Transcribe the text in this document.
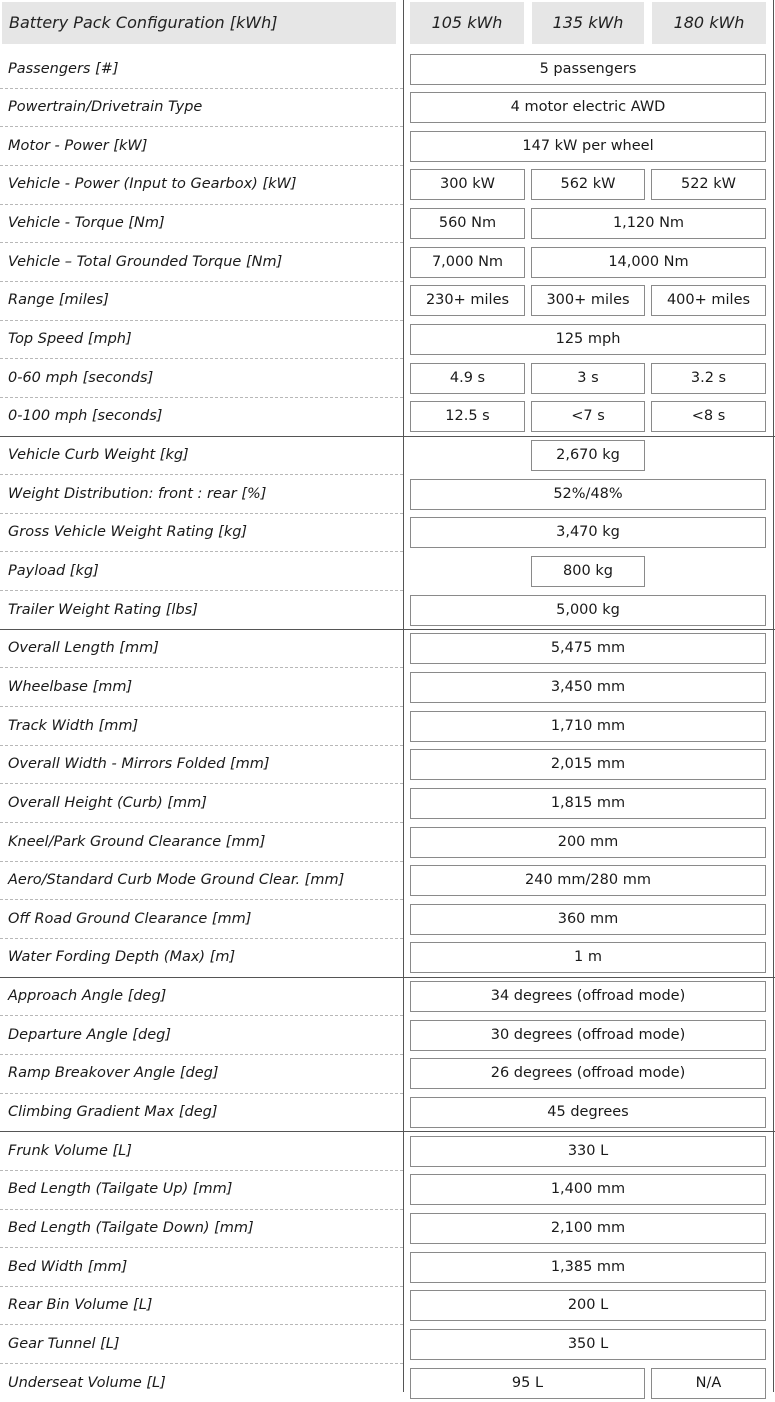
Battery Pack Configuration [kWh]	105 kWh	135 kWh	180 kWh
Passengers [#]	5 passengers
Powertrain/Drivetrain Type	4 motor electric AWD
Motor - Power [kW]	147 kW per wheel
Vehicle - Power (Input to Gearbox) [kW]	300 kW	562 kW	522 kW
Vehicle - Torque [Nm]	560 Nm	1,120 Nm
Vehicle – Total Grounded Torque [Nm]	7,000 Nm	14,000 Nm
Range [miles]	230+ miles	300+ miles	400+ miles
Top Speed [mph]	125 mph
0-60 mph [seconds]	4.9 s	3 s	3.2 s
0-100 mph [seconds]	12.5 s	<7 s	<8 s
Vehicle Curb Weight [kg]	2,670 kg
Weight Distribution: front : rear [%]	52%/48%
Gross Vehicle Weight Rating [kg]	3,470 kg
Payload [kg]	800 kg
Trailer Weight Rating [lbs]	5,000 kg
Overall Length [mm]	5,475 mm
Wheelbase [mm]	3,450 mm
Track Width [mm]	1,710 mm
Overall Width - Mirrors Folded [mm]	2,015 mm
Overall Height (Curb) [mm]	1,815 mm
Kneel/Park Ground Clearance [mm]	200 mm
Aero/Standard Curb Mode Ground Clear. [mm]	240 mm/280 mm
Off Road Ground Clearance [mm]	360 mm
Water Fording Depth (Max) [m]	1 m
Approach Angle [deg]	34 degrees (offroad mode)
Departure Angle [deg]	30 degrees (offroad mode)
Ramp Breakover Angle [deg]	26 degrees (offroad mode)
Climbing Gradient Max [deg]	45 degrees
Frunk Volume [L]	330 L
Bed Length (Tailgate Up) [mm]	1,400 mm
Bed Length (Tailgate Down) [mm]	2,100 mm
Bed Width [mm]	1,385 mm
Rear Bin Volume [L]	200 L
Gear Tunnel [L]	350 L
Underseat Volume [L]	95 L	N/A
